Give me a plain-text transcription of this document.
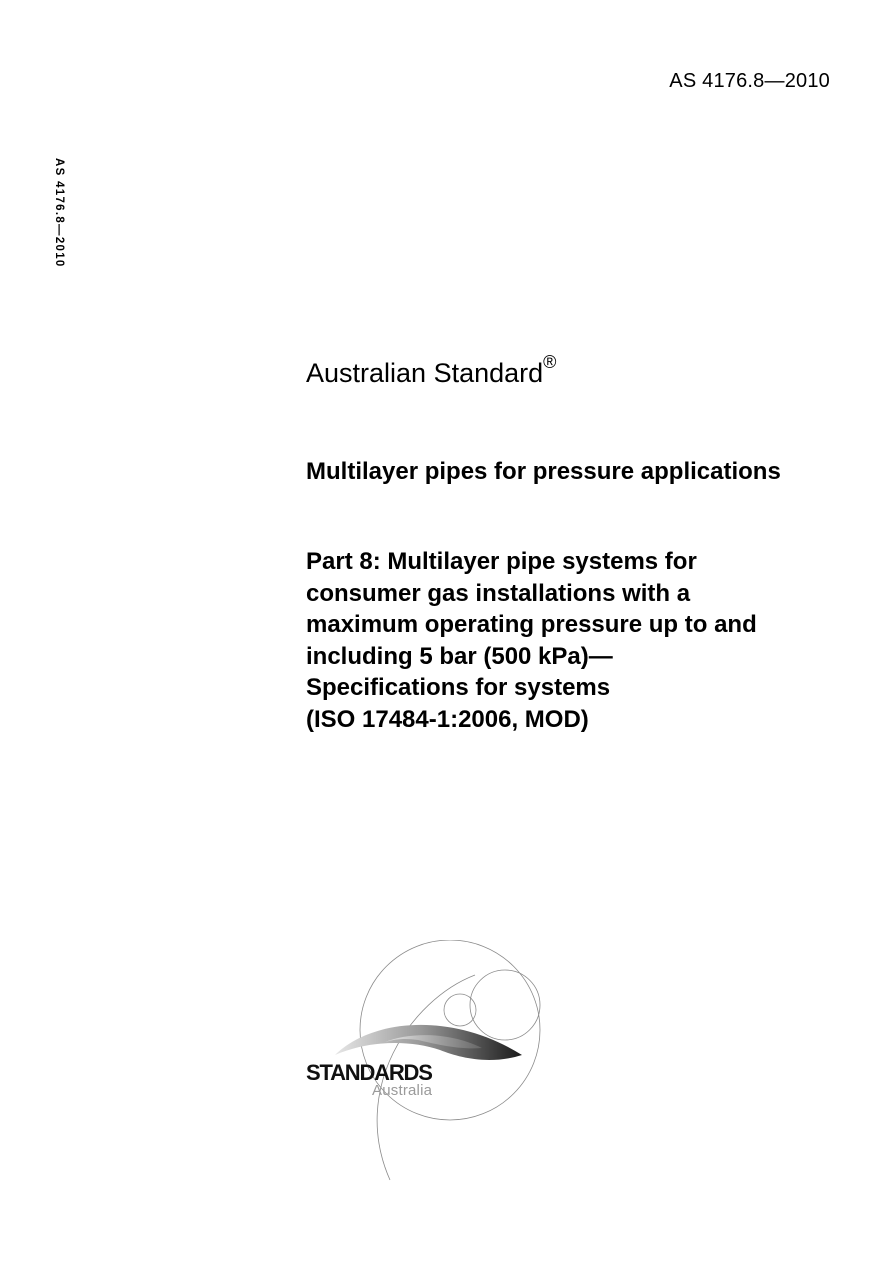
AS 4176.8—2010
AS 4176.8—2010
Australian Standard®
Multilayer pipes for pressure applications
Part 8: Multilayer pipe systems for
consumer gas installations with a
maximum operating pressure up to and
including 5 bar (500 kPa)—
Specifications for systems
(ISO 17484-1:2006, MOD)
STANDARDS
Australia
